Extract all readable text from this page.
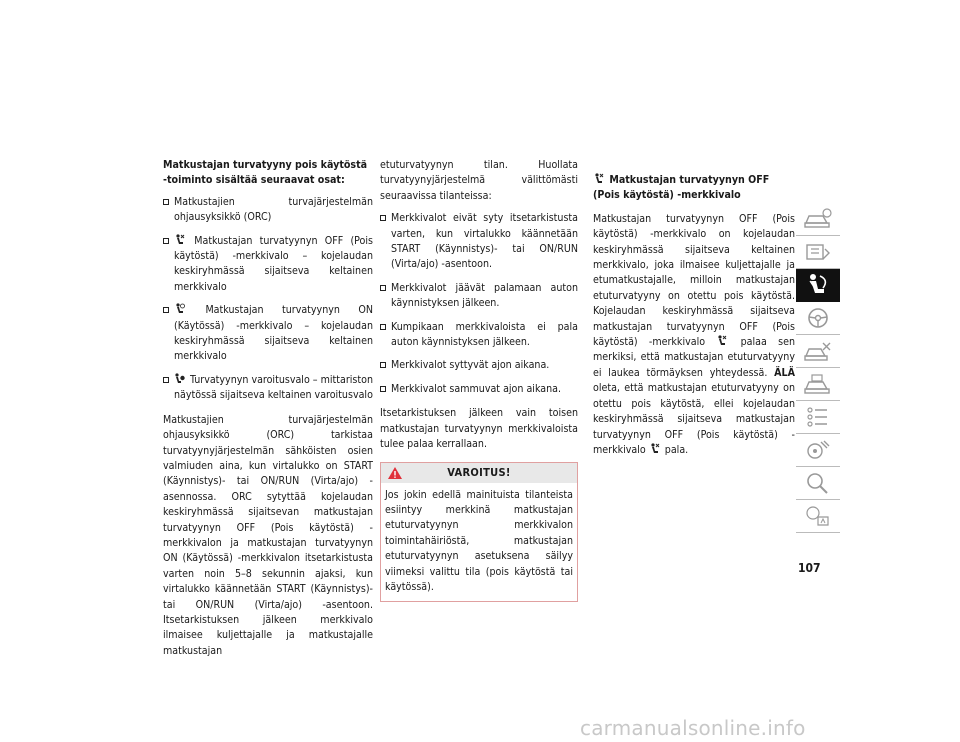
Matkustajan turvatyyny pois käytöstä -toiminto sisältää seuraavat osat:
Matkustajien turvajärjestelmän ohjausyksikkö (ORC)
Matkustajan turvatyynyn OFF (Pois käytöstä) -merkkivalo – kojelaudan keskiryhmässä sijaitseva keltainen merkkivalo
Matkustajan turvatyynyn ON (Käytössä) -merkkivalo – kojelaudan keskiryhmässä sijaitseva keltainen merkkivalo
Turvatyynyn varoitusvalo – mittariston näytössä sijaitseva keltainen varoitusvalo

Matkustajien turvajärjestelmän ohjausyksikkö (ORC) tarkistaa turvatyynyjärjestelmän sähköisten osien valmiuden aina, kun virtalukko on START (Käynnistys)- tai ON/RUN (Virta/ajo) -asennossa. ORC sytyttää kojelaudan keskiryhmässä sijaitsevan matkustajan turvatyynyn OFF (Pois käytöstä) -merkkivalon ja matkustajan turvatyynyn ON (Käytössä) -merkkivalon itsetarkistusta varten noin 5–8 sekunnin ajaksi, kun virtalukko käännetään START (Käynnistys)- tai ON/RUN (Virta/ajo) -asentoon. Itsetarkistuksen jälkeen merkkivalo ilmaisee kuljettajalle ja matkustajalle matkustajan

etuturvatyynyn tilan. Huollata turvatyynyjärjestelmä välittömästi seuraavissa tilanteissa:

Merkkivalot eivät syty itsetarkistusta varten, kun virtalukko käännetään START (Käynnistys)- tai ON/RUN (Virta/ajo) -asentoon.
Merkkivalot jäävät palamaan auton käynnistyksen jälkeen.
Kumpikaan merkkivaloista ei pala auton käynnistyksen jälkeen.
Merkkivalot syttyvät ajon aikana.
Merkkivalot sammuvat ajon aikana.

Itsetarkistuksen jälkeen vain toisen matkustajan turvatyynyn merkkivaloista tulee palaa kerrallaan.

VAROITUS!
Jos jokin edellä mainituista tilanteista esiintyy merkkinä matkustajan etuturvatyynyn merkkivalon toimintahäiriöstä, matkustajan etuturvatyynyn asetuksena säilyy viimeksi valittu tila (pois käytöstä tai käytössä).
Matkustajan turvatyynyn OFF (Pois käytöstä) -merkkivalo

Matkustajan turvatyynyn OFF (Pois käytöstä) -merkkivalo on kojelaudan keskiryhmässä sijaitseva keltainen merkkivalo, joka ilmaisee kuljettajalle ja etumatkustajalle, milloin matkustajan etuturvatyyny on otettu pois käytöstä. Kojelaudan keskiryhmässä sijaitseva matkustajan turvatyynyn OFF (Pois käytöstä) -merkkivalo	palaa sen merkiksi, että matkustajan etuturvatyyny ei laukea törmäyksen yhteydessä. ÄLÄ oleta, että matkustajan etuturvatyyny on otettu pois käytöstä, ellei kojelaudan keskiryhmässä sijaitseva matkustajan turvatyynyn OFF (Pois käytöstä) -merkkivalo pala.

107
carmanualsonline.info
